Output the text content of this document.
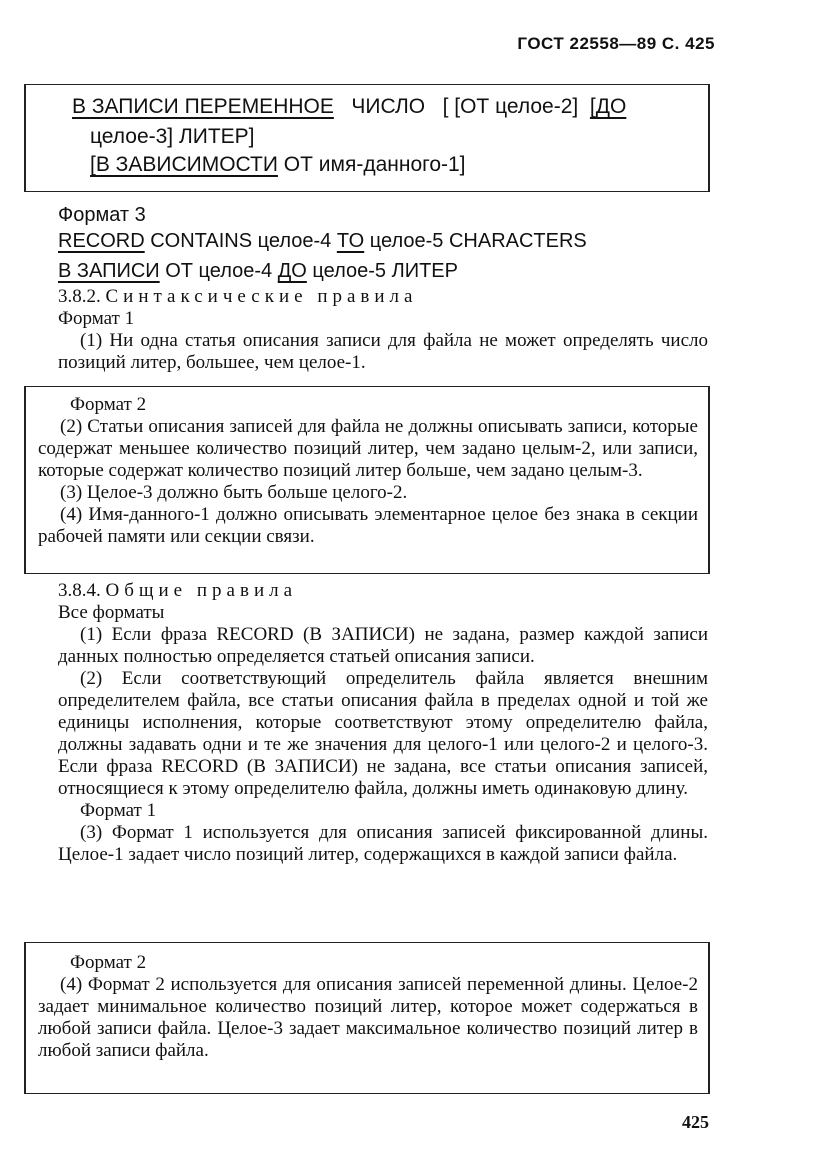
ГОСТ 22558—89 С. 425
В ЗАПИСИ ПЕРЕМЕННОЕ ЧИСЛО [ [ОТ целое-2] [ДО
целое-3] ЛИТЕР]
[В ЗАВИСИМОСТИ ОТ имя-данного-1]
Формат 3
RECORD CONTAINS целое-4 TO целое-5 CHARACTERS
В ЗАПИСИ ОТ целое-4 ДО целое-5 ЛИТЕР

3.8.2. Синтаксические правила

Формат 1

(1) Ни одна статья описания записи для файла не может определять число позиций литер, большее, чем целое-1.

Формат 2

(2) Статьи описания записей для файла не должны описывать записи, которые содержат меньшее количество позиций литер, чем задано целым-2, или записи, которые содержат количество позиций литер больше, чем задано целым-3.

(3) Целое-3 должно быть больше целого-2.

(4) Имя-данного-1 должно описывать элементарное целое без знака в секции рабочей памяти или секции связи.

3.8.4. Общие правила

Все форматы

(1) Если фраза RECORD (В ЗАПИСИ) не задана, размер каждой записи данных полностью определяется статьей описания записи.

(2) Если соответствующий определитель файла является внешним определителем файла, все статьи описания файла в пределах одной и той же единицы исполнения, которые соответствуют этому определителю файла, должны задавать одни и те же значения для целого-1 или целого-2 и целого-3. Если фраза RECORD (В ЗАПИСИ) не задана, все статьи описания записей, относящиеся к этому определителю файла, должны иметь одинаковую длину.

Формат 1

(3) Формат 1 используется для описания записей фиксированной длины. Целое-1 задает число позиций литер, содержащихся в каждой записи файла.

Формат 2

(4) Формат 2 используется для описания записей переменной длины. Целое-2 задает минимальное количество позиций литер, которое может содержаться в любой записи файла. Целое-3 задает максимальное количество позиций литер в любой записи файла.

425
